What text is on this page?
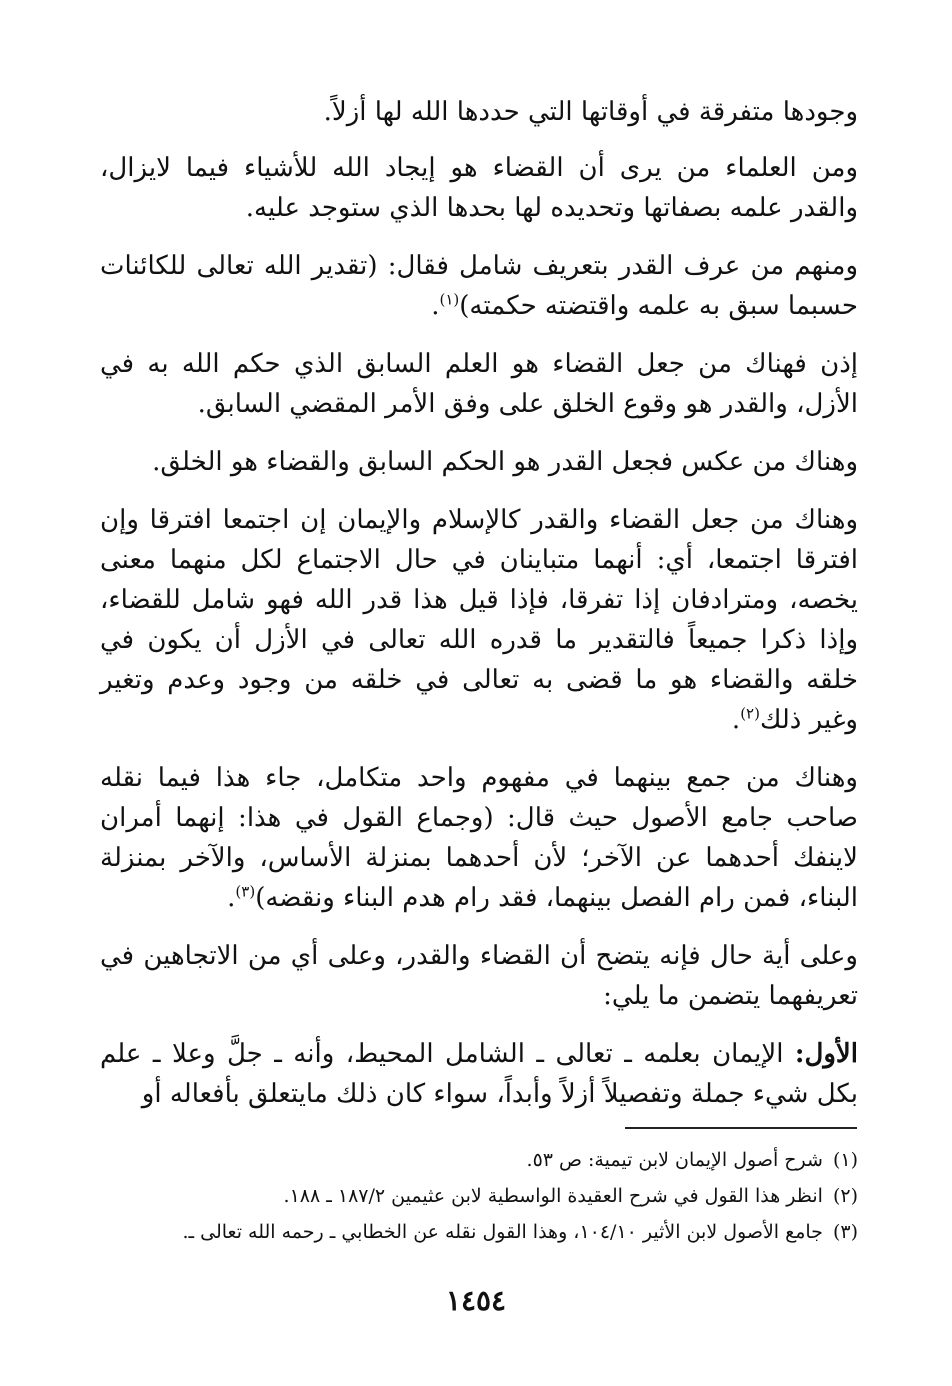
وجودها متفرقة في أوقاتها التي حددها الله لها أزلاً.

ومن العلماء من يرى أن القضاء هو إيجاد الله للأشياء فيما لايزال، والقدر علمه بصفاتها وتحديده لها بحدها الذي ستوجد عليه.

ومنهم من عرف القدر بتعريف شامل فقال: (تقدير الله تعالى للكائنات حسبما سبق به علمه واقتضته حكمته)$^{(١)}$.

إذن فهناك من جعل القضاء هو العلم السابق الذي حكم الله به في الأزل، والقدر هو وقوع الخلق على وفق الأمر المقضي السابق.

وهناك من عكس فجعل القدر هو الحكم السابق والقضاء هو الخلق.

وهناك من جعل القضاء والقدر كالإسلام والإيمان إن اجتمعا افترقا وإن افترقا اجتمعا، أي: أنهما متباينان في حال الاجتماع لكل منهما معنى يخصه، ومترادفان إذا تفرقا، فإذا قيل هذا قدر الله فهو شامل للقضاء، وإذا ذكرا جميعاً فالتقدير ما قدره الله تعالى في الأزل أن يكون في خلقه والقضاء هو ما قضى به تعالى في خلقه من وجود وعدم وتغير وغير ذلك$^{(٢)}$.

وهناك من جمع بينهما في مفهوم واحد متكامل، جاء هذا فيما نقله صاحب جامع الأصول حيث قال: (وجماع القول في هذا: إنهما أمران لاينفك أحدهما عن الآخر؛ لأن أحدهما بمنزلة الأساس، والآخر بمنزلة البناء، فمن رام الفصل بينهما، فقد رام هدم البناء ونقضه)$^{(٣)}$.

وعلى أية حال فإنه يتضح أن القضاء والقدر، وعلى أي من الاتجاهين في تعريفهما يتضمن ما يلي:

الأول: الإيمان بعلمه ـ تعالى ـ الشامل المحيط، وأنه ـ جلَّ وعلا ـ علم بكل شيء جملة وتفصيلاً أزلاً وأبداً، سواء كان ذلك مايتعلق بأفعاله أو

(١)شرح أصول الإيمان لابن تيمية: ص ٥٣.
(٢)انظر هذا القول في شرح العقيدة الواسطية لابن عثيمين ١٨٧/٢ ـ ١٨٨.
(٣)جامع الأصول لابن الأثير ١٠٤/١٠، وهذا القول نقله عن الخطابي ـ رحمه الله تعالى ـ.
١٤٥٤
